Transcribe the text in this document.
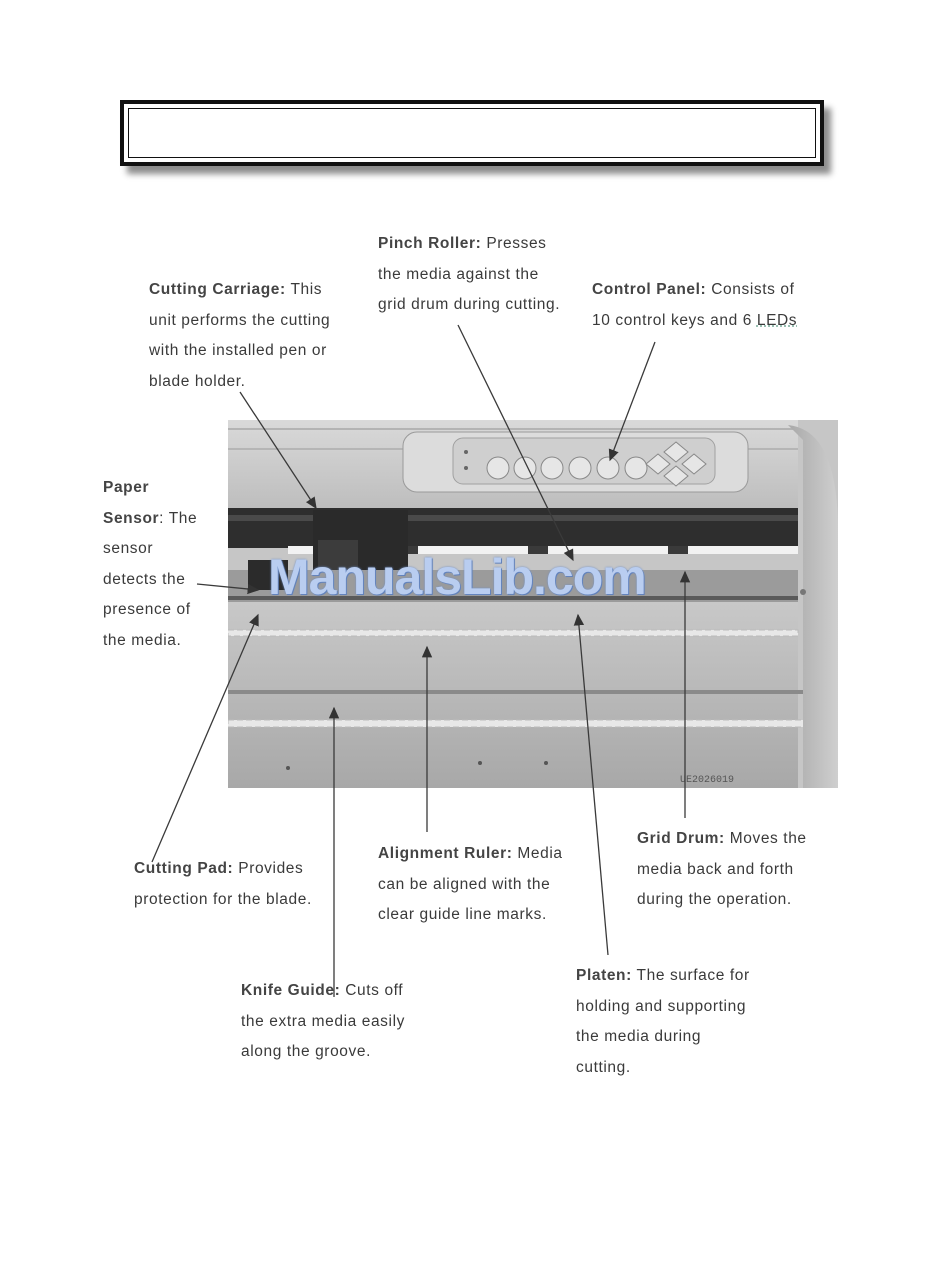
UE2026019
ManualsLib.com
Cutting Carriage: This
unit performs the cutting
with the installed pen or
blade holder.
Pinch Roller: Presses
the media against the
grid drum during cutting.
Control Panel: Consists of
10 control keys and 6 LEDs
Paper
Sensor: The
sensor
detects the
presence of
the media.
Cutting Pad: Provides
protection for the blade.
Alignment Ruler: Media
can be aligned with the
clear guide line marks.
Grid Drum: Moves the
media back and forth
during the operation.
Knife Guide: Cuts off
the extra media easily
along the groove.
Platen: The surface for
holding and supporting
the media during
cutting.
